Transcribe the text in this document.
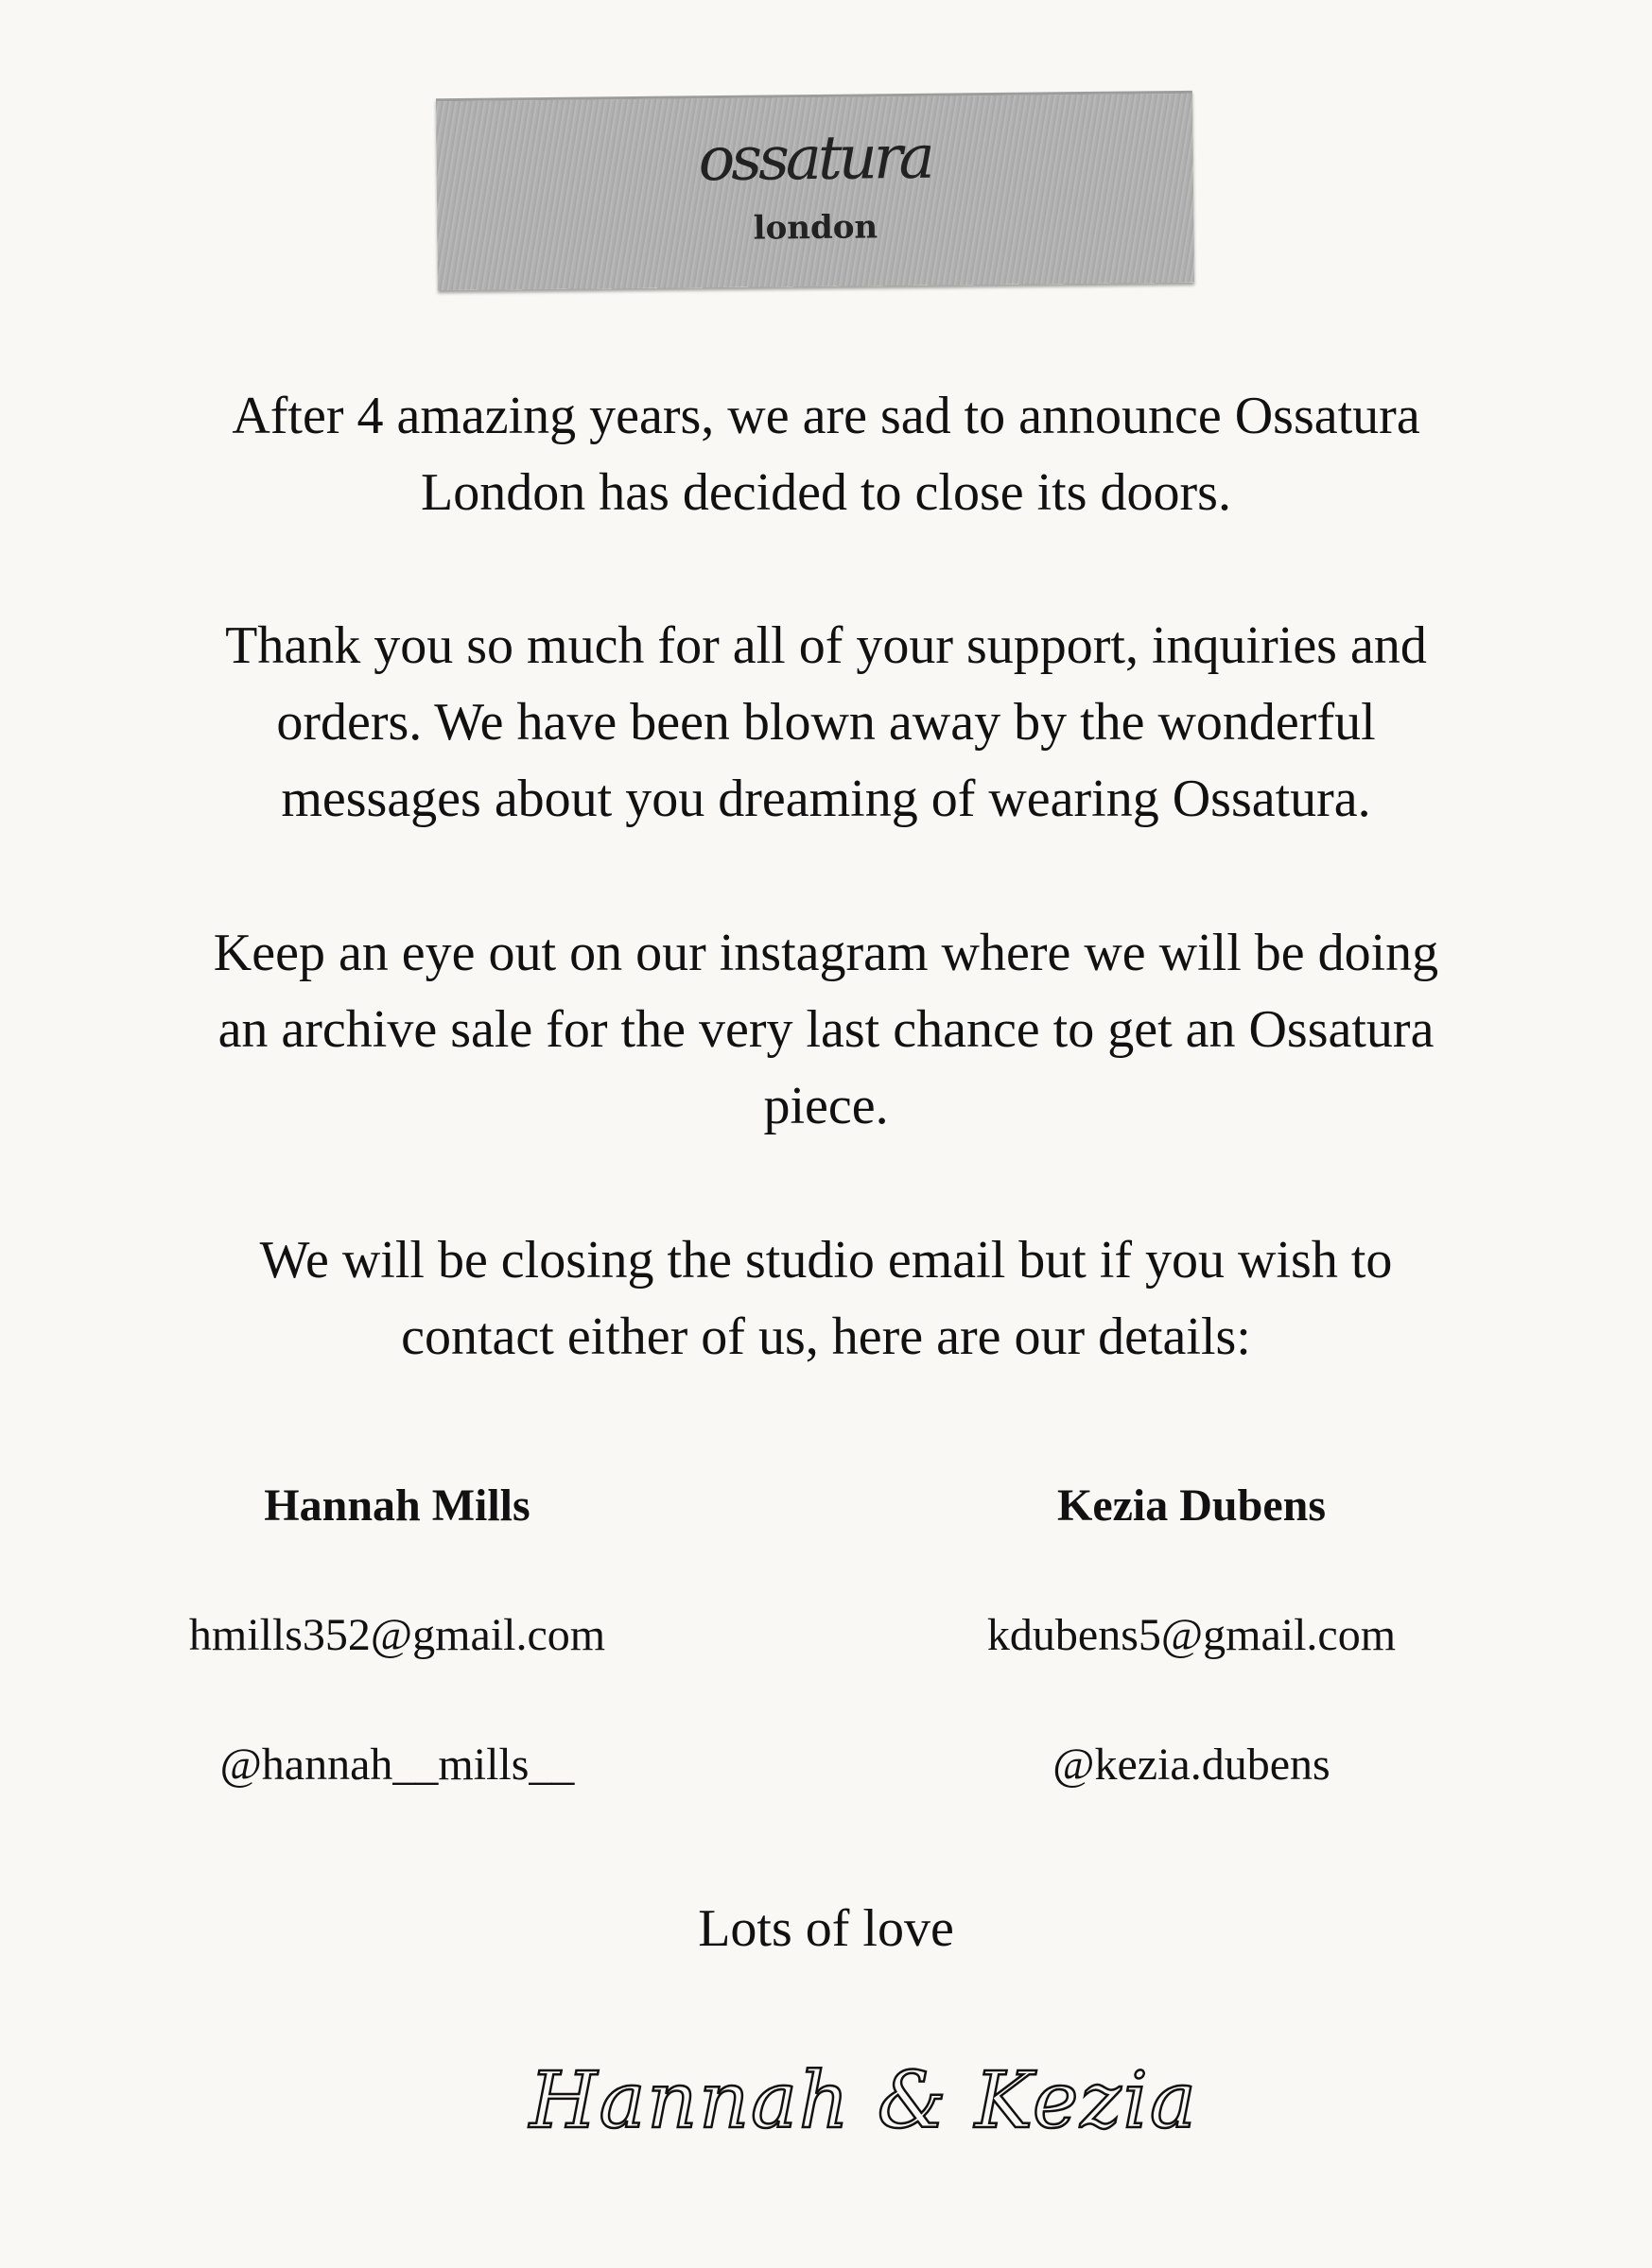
ossatura
london
After 4 amazing years, we are sad to announce Ossatura
London has decided to close its doors.
Thank you so much for all of your support, inquiries and
orders. We have been blown away by the wonderful
messages about you dreaming of wearing Ossatura.
Keep an eye out on our instagram where we will be doing
an archive sale for the very last chance to get an Ossatura
piece.
We will be closing the studio email but if you wish to
contact either of us, here are our details:
Hannah Mills
hmills352@gmail.com
@hannah__mills__
Kezia Dubens
kdubens5@gmail.com
@kezia.dubens
Lots of love
Hannah & Kezia
